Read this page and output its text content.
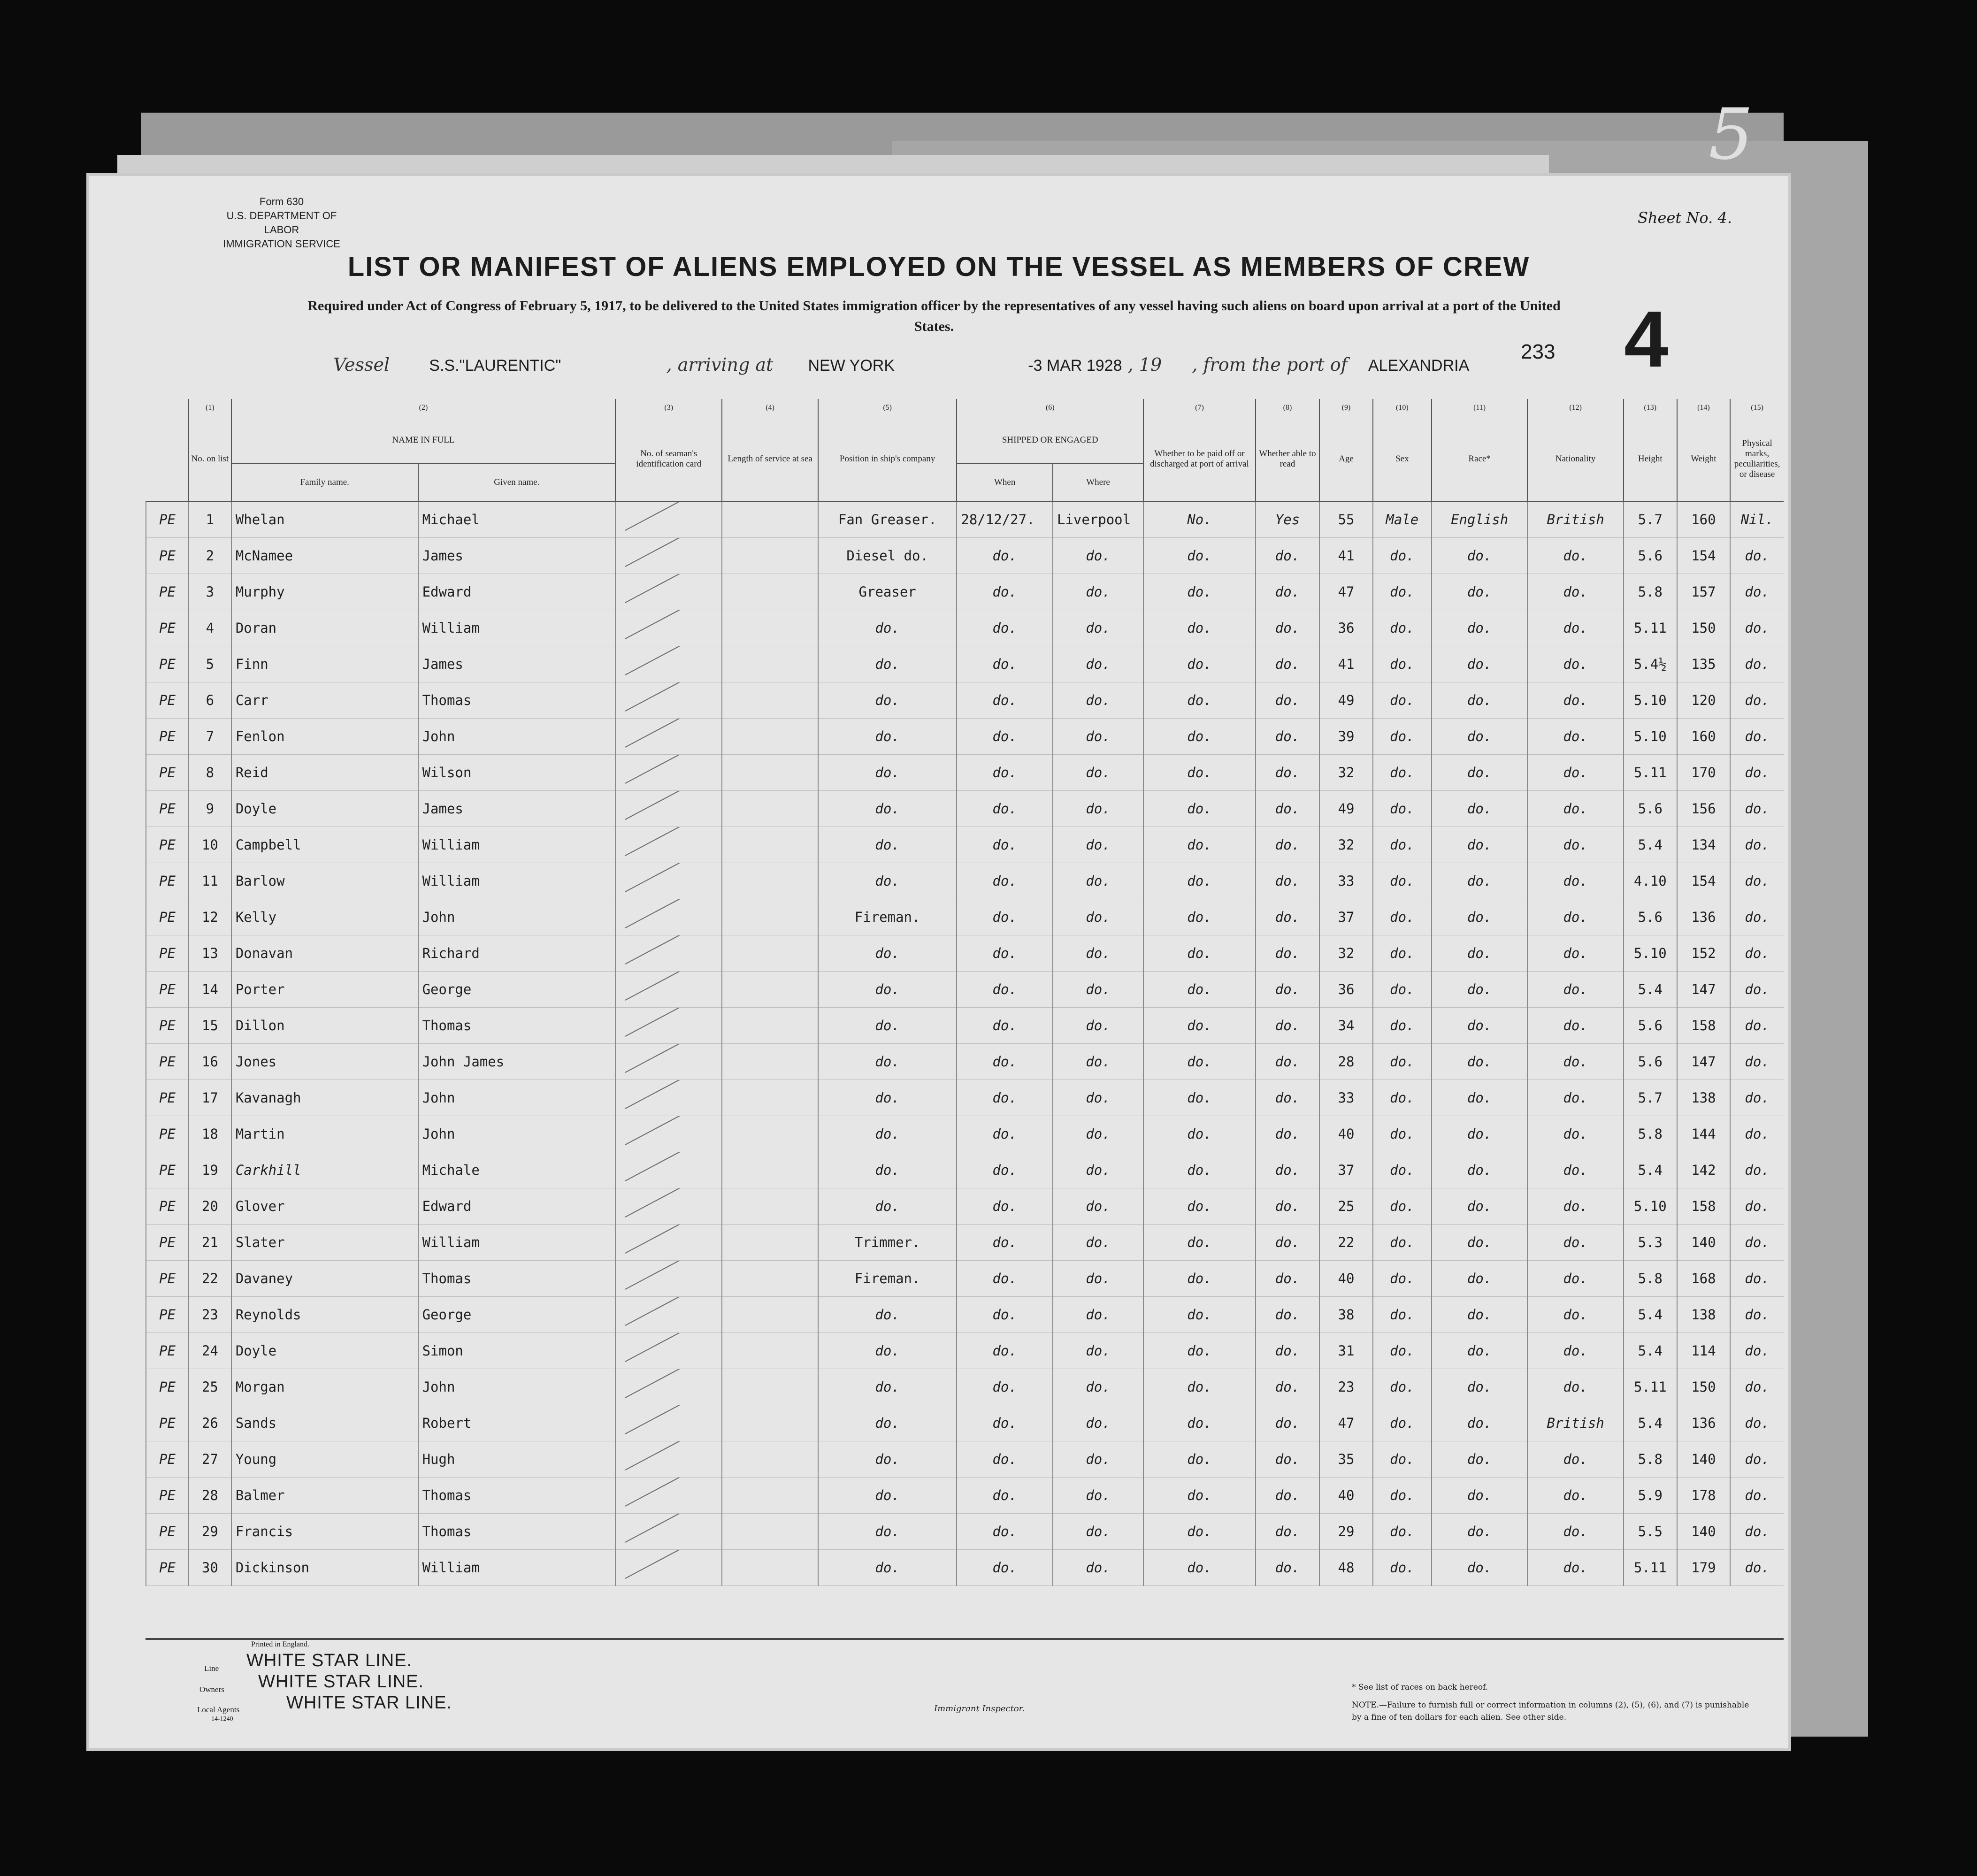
5
Form 630
U.S. DEPARTMENT OF LABOR
IMMIGRATION SERVICE
Sheet No. 4.
LIST OR MANIFEST OF ALIENS EMPLOYED ON THE VESSEL AS MEMBERS OF CREW
Required under Act of Congress of February 5, 1917, to be delivered to the United States immigration officer by the representatives of any vessel having such aliens on board upon arrival at a port of the United States.
233 4
Vessel S.S."LAURENTIC"	, arriving at NEW YORK	-3 MAR 1928 , 19 , from the port of ALEXANDRIA
	(1)	(2)		(3)	(4)	(5)	(6)		(7)	(8)	(9)	(10)	(11)	(12)	(13)	(14)	(15)
	No. on list	NAME IN FULL		No. of seaman's identification card	Length of service at sea	Position in ship's company	SHIPPED OR ENGAGED		Whether to be paid off or discharged at port of arrival	Whether able to read	Age	Sex	Race*	Nationality	Height	Weight	Physical marks, peculiarities, or disease
		Family name.	Given name.				When	Where									
PE	1	Whelan	Michael			Fan Greaser.	28/12/27.	Liverpool	No.	Yes	55	Male	English	British	5.7	160	Nil.
PE	2	McNamee	James			Diesel do.	do.	do.	do.	do.	41	do.	do.	do.	5.6	154	do.
PE	3	Murphy	Edward			Greaser	do.	do.	do.	do.	47	do.	do.	do.	5.8	157	do.
PE	4	Doran	William			do.	do.	do.	do.	do.	36	do.	do.	do.	5.11	150	do.
PE	5	Finn	James			do.	do.	do.	do.	do.	41	do.	do.	do.	5.4½	135	do.
PE	6	Carr	Thomas			do.	do.	do.	do.	do.	49	do.	do.	do.	5.10	120	do.
PE	7	Fenlon	John			do.	do.	do.	do.	do.	39	do.	do.	do.	5.10	160	do.
PE	8	Reid	Wilson			do.	do.	do.	do.	do.	32	do.	do.	do.	5.11	170	do.
PE	9	Doyle	James			do.	do.	do.	do.	do.	49	do.	do.	do.	5.6	156	do.
PE	10	Campbell	William			do.	do.	do.	do.	do.	32	do.	do.	do.	5.4	134	do.
PE	11	Barlow	William			do.	do.	do.	do.	do.	33	do.	do.	do.	4.10	154	do.
PE	12	Kelly	John			Fireman.	do.	do.	do.	do.	37	do.	do.	do.	5.6	136	do.
PE	13	Donavan	Richard			do.	do.	do.	do.	do.	32	do.	do.	do.	5.10	152	do.
PE	14	Porter	George			do.	do.	do.	do.	do.	36	do.	do.	do.	5.4	147	do.
PE	15	Dillon	Thomas			do.	do.	do.	do.	do.	34	do.	do.	do.	5.6	158	do.
PE	16	Jones	John James			do.	do.	do.	do.	do.	28	do.	do.	do.	5.6	147	do.
PE	17	Kavanagh	John			do.	do.	do.	do.	do.	33	do.	do.	do.	5.7	138	do.
PE	18	Martin	John			do.	do.	do.	do.	do.	40	do.	do.	do.	5.8	144	do.
PE	19	Carkhill	Michale			do.	do.	do.	do.	do.	37	do.	do.	do.	5.4	142	do.
PE	20	Glover	Edward			do.	do.	do.	do.	do.	25	do.	do.	do.	5.10	158	do.
PE	21	Slater	William			Trimmer.	do.	do.	do.	do.	22	do.	do.	do.	5.3	140	do.
PE	22	Davaney	Thomas			Fireman.	do.	do.	do.	do.	40	do.	do.	do.	5.8	168	do.
PE	23	Reynolds	George			do.	do.	do.	do.	do.	38	do.	do.	do.	5.4	138	do.
PE	24	Doyle	Simon			do.	do.	do.	do.	do.	31	do.	do.	do.	5.4	114	do.
PE	25	Morgan	John			do.	do.	do.	do.	do.	23	do.	do.	do.	5.11	150	do.
PE	26	Sands	Robert			do.	do.	do.	do.	do.	47	do.	do.	British	5.4	136	do.
PE	27	Young	Hugh			do.	do.	do.	do.	do.	35	do.	do.	do.	5.8	140	do.
PE	28	Balmer	Thomas			do.	do.	do.	do.	do.	40	do.	do.	do.	5.9	178	do.
PE	29	Francis	Thomas			do.	do.	do.	do.	do.	29	do.	do.	do.	5.5	140	do.
PE	30	Dickinson	William			do.	do.	do.	do.	do.	48	do.	do.	do.	5.11	179	do.
Printed in England.
Line WHITE STAR LINE.
Owners WHITE STAR LINE.
Local Agents
14-1240
WHITE STAR LINE.	Immigrant Inspector.
* See list of races on back hereof.
NOTE.—Failure to furnish full or correct information in columns (2), (5), (6), and (7) is punishable by a fine of ten dollars for each alien. See other side.
